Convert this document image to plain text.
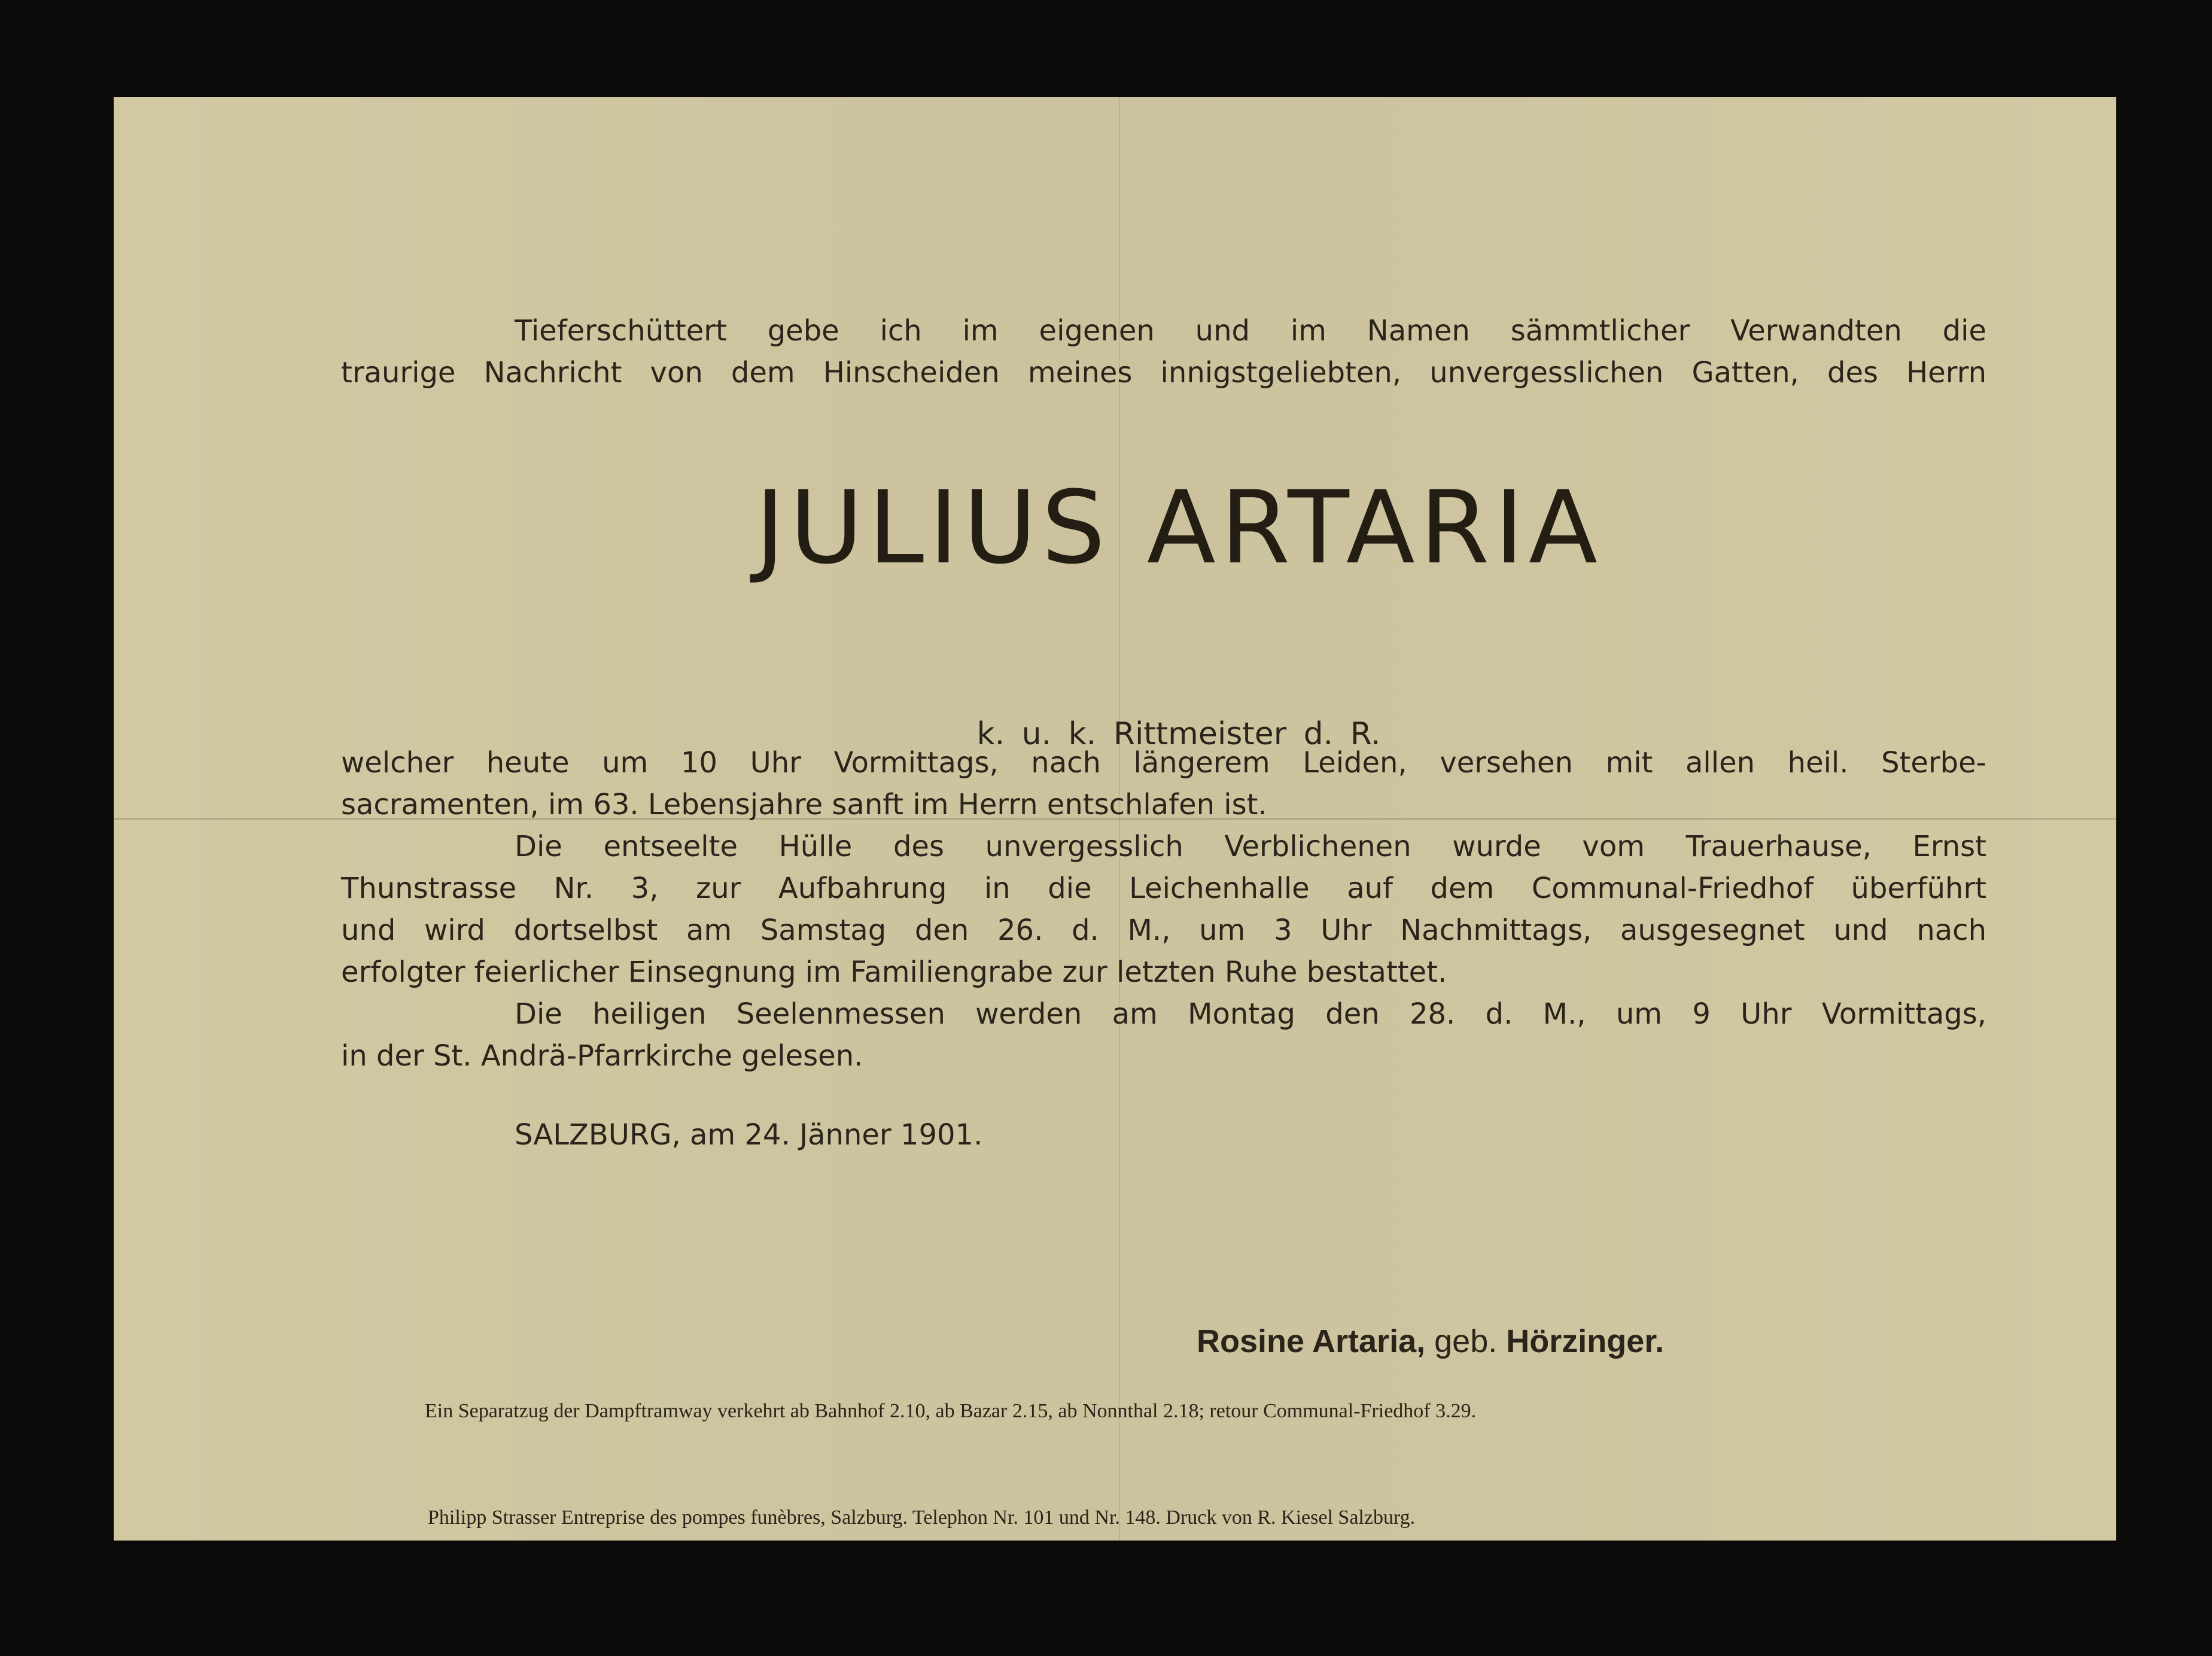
Tieferschüttert gebe ich im eigenen und im Namen sämmtlicher Verwandten die
traurige Nachricht von dem Hinscheiden meines innigstgeliebten, unvergesslichen Gatten, des Herrn
JULIUS ARTARIA
k. u. k. Rittmeister d. R.
welcher heute um 10 Uhr Vormittags, nach längerem Leiden, versehen mit allen heil. Sterbe-
sacramenten, im 63. Lebensjahre sanft im Herrn entschlafen ist.
Die entseelte Hülle des unvergesslich Verblichenen wurde vom Trauerhause, Ernst
Thunstrasse Nr. 3, zur Aufbahrung in die Leichenhalle auf dem Communal-Friedhof überführt
und wird dortselbst am Samstag den 26. d. M., um 3 Uhr Nachmittags, ausgesegnet und nach
erfolgter feierlicher Einsegnung im Familiengrabe zur letzten Ruhe bestattet.
Die heiligen Seelenmessen werden am Montag den 28. d. M., um 9 Uhr Vormittags,
in der St. Andrä-Pfarrkirche gelesen.
SALZBURG, am 24. Jänner 1901.
Rosine Artaria, geb. Hörzinger.
Ein Separatzug der Dampftramway verkehrt ab Bahnhof 2.10, ab Bazar 2.15, ab Nonnthal 2.18; retour Communal-Friedhof 3.29.
Philipp Strasser Entreprise des pompes funèbres, Salzburg. Telephon Nr. 101 und Nr. 148. Druck von R. Kiesel Salzburg.
